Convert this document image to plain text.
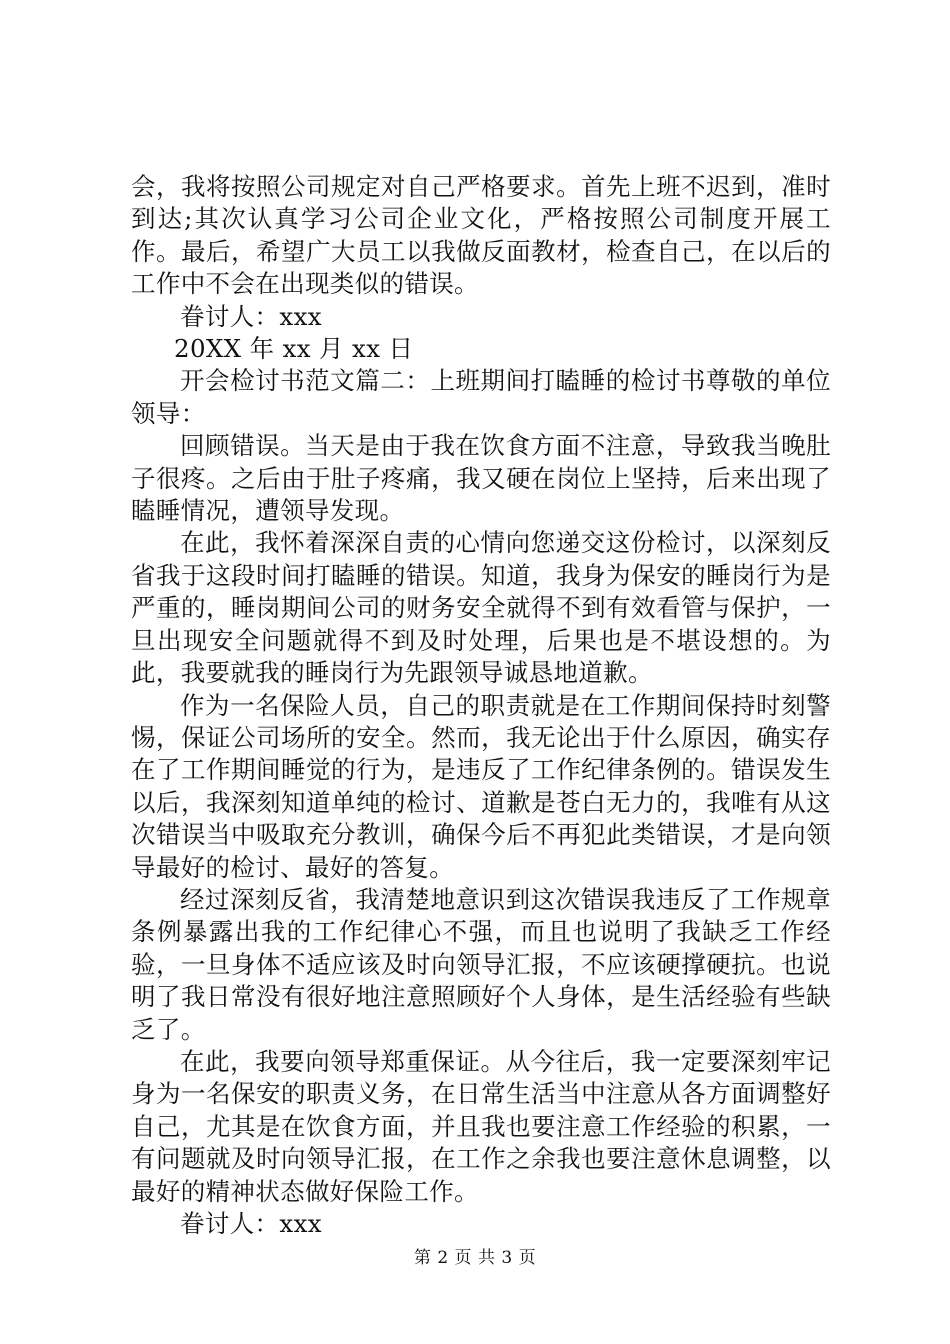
会，我将按照公司规定对自己严格要求。首先上班不迟到，准时到达;其次认真学习公司企业文化，严格按照公司制度开展工作。最后，希望广大员工以我做反面教材，检查自己，在以后的工作中不会在出现类似的错误。

眷讨人：xxx

20XX 年 xx 月 xx 日

开会检讨书范文篇二：上班期间打瞌睡的检讨书尊敬的单位领导：

回顾错误。当天是由于我在饮食方面不注意，导致我当晚肚子很疼。之后由于肚子疼痛，我又硬在岗位上坚持，后来出现了瞌睡情况，遭领导发现。

在此，我怀着深深自责的心情向您递交这份检讨，以深刻反省我于这段时间打瞌睡的错误。知道，我身为保安的睡岗行为是严重的，睡岗期间公司的财务安全就得不到有效看管与保护，一旦出现安全问题就得不到及时处理，后果也是不堪设想的。为此，我要就我的睡岗行为先跟领导诚恳地道歉。

作为一名保险人员，自己的职责就是在工作期间保持时刻警惕，保证公司场所的安全。然而，我无论出于什么原因，确实存在了工作期间睡觉的行为，是违反了工作纪律条例的。错误发生以后，我深刻知道单纯的检讨、道歉是苍白无力的，我唯有从这次错误当中吸取充分教训，确保今后不再犯此类错误，才是向领导最好的检讨、最好的答复。

经过深刻反省，我清楚地意识到这次错误我违反了工作规章条例暴露出我的工作纪律心不强，而且也说明了我缺乏工作经验，一旦身体不适应该及时向领导汇报，不应该硬撑硬抗。也说明了我日常没有很好地注意照顾好个人身体，是生活经验有些缺乏了。

在此，我要向领导郑重保证。从今往后，我一定要深刻牢记身为一名保安的职责义务，在日常生活当中注意从各方面调整好自己，尤其是在饮食方面，并且我也要注意工作经验的积累，一有问题就及时向领导汇报，在工作之余我也要注意休息调整，以最好的精神状态做好保险工作。

眷讨人：xxx

第 2 页 共 3 页
